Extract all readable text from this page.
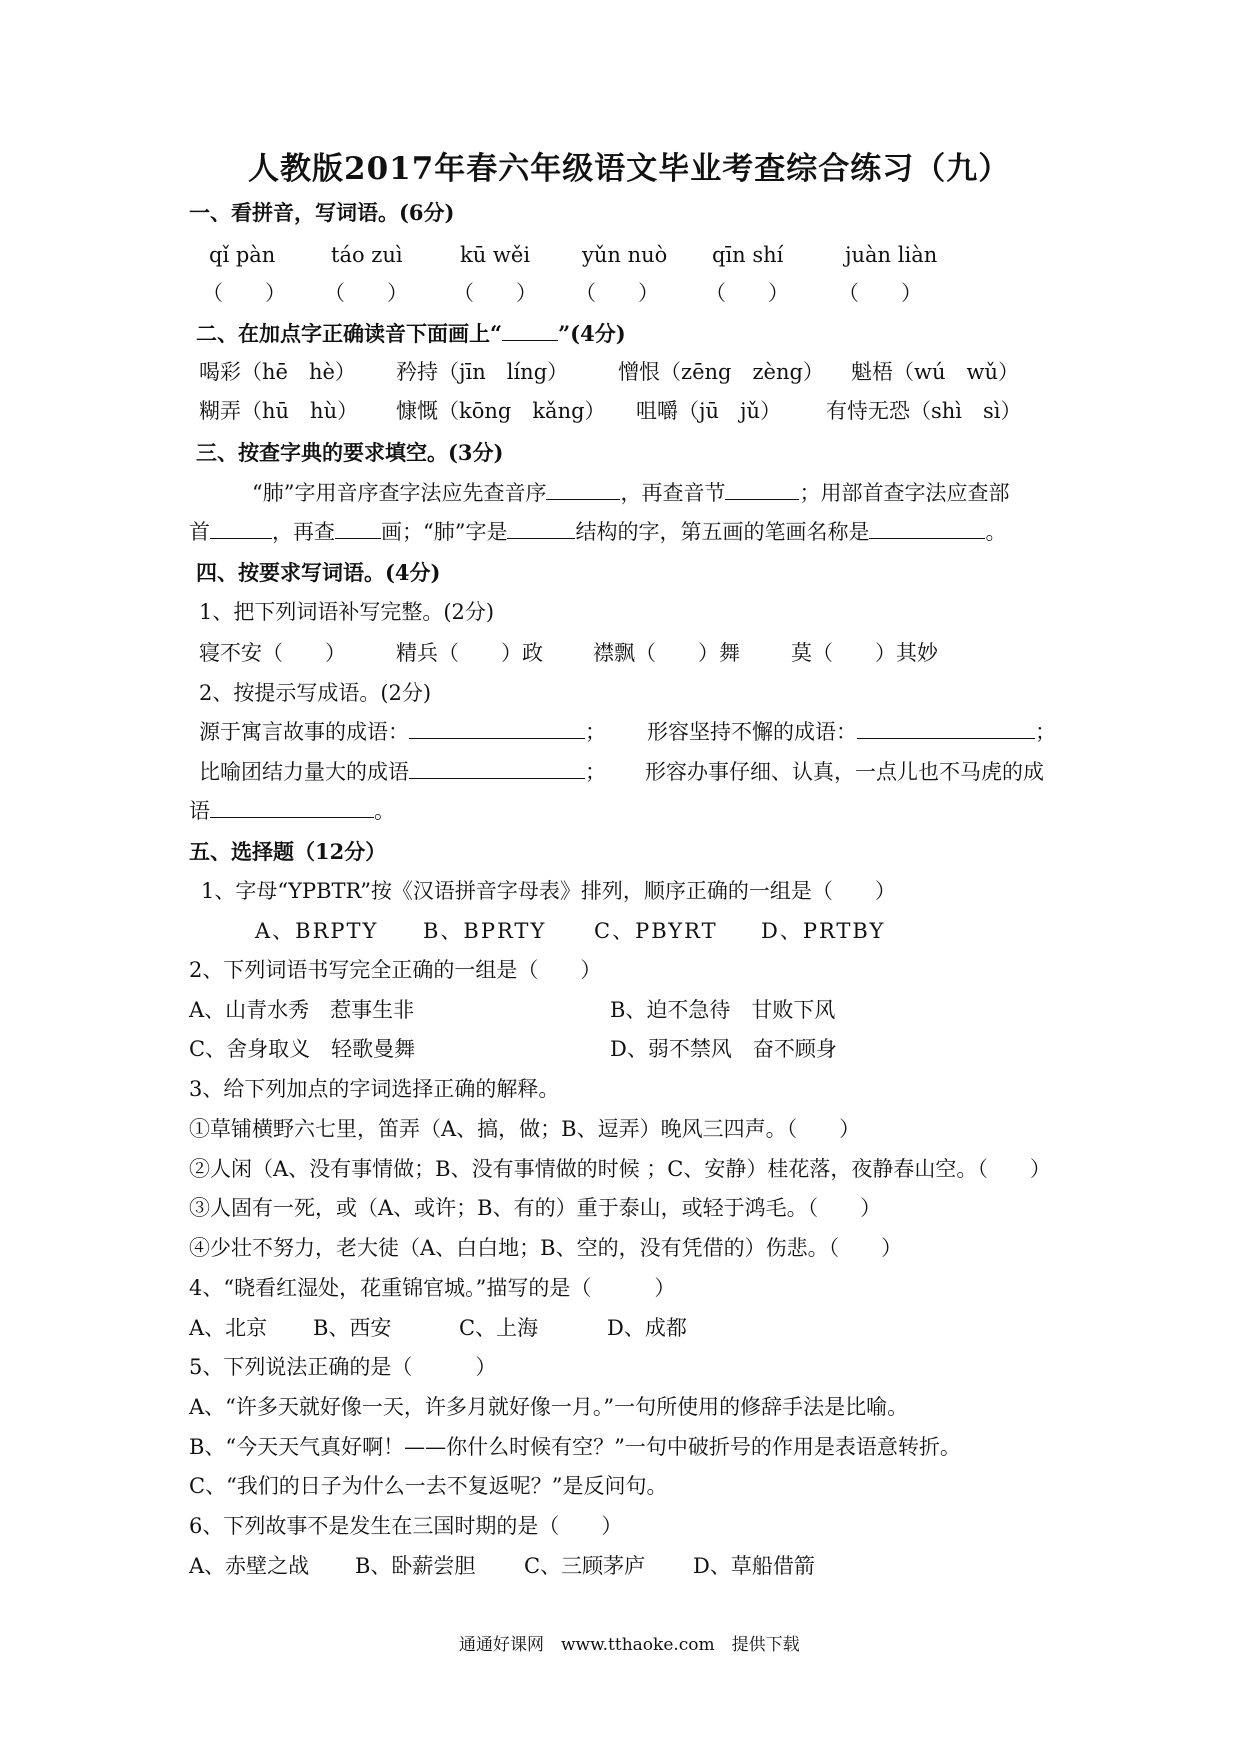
人教版2017年春六年级语文毕业考查综合练习（九）
一、看拼音，写词语。(6分)
qǐ pàn	táo zuì	kū wěi yǔn nuò qīn shí	juàn liàn
（　　） （　　） （　　） （　　） （　　） （　　）
二、在加点字正确读音下面画上“	”(4分)
喝彩（hē　hè） 矜持（jīn　líng） 憎恨（zēng　zèng） 魁梧（wú　wǔ）
糊弄（hū　hù） 慷慨（kōng　kǎng） 咀嚼（jū　jǔ） 有恃无恐（shì　sì）
三、按查字典的要求填空。(3分)
“肺”字用音序查字法应先查音序	，再查音节	；用部首查字法应查部
首	，再查 画；“肺”字是	结构的字，第五画的笔画名称是	。
四、按要求写词语。(4分)
1、把下列词语补写完整。(2分)
寝不安（　　） 精兵（　　）政 襟飘（　　）舞 莫（　　）其妙
2、按提示写成语。(2分)
源于寓言故事的成语：	； 形容坚持不懈的成语：	；
比喻团结力量大的成语	； 形容办事仔细、认真，一点儿也不马虎的成
语	。
五、选择题（12分）
1、字母“YPBTR”按《汉语拼音字母表》排列，顺序正确的一组是（　　）
A、BRPTY B、BPRTY C、PBYRT D、PRTBY
2、下列词语书写完全正确的一组是（　　）
A、山青水秀　惹事生非	B、迫不急待　甘败下风
C、舍身取义　轻歌曼舞	D、弱不禁风　奋不顾身
3、给下列加点的字词选择正确的解释。
①草铺横野六七里，笛弄（A、搞，做；B、逗弄）晚风三四声。（　　）
②人闲（A、没有事情做；B、没有事情做的时候 ；C、安静）桂花落，夜静春山空。（　　）
③人固有一死，或（A、或许；B、有的）重于泰山，或轻于鸿毛。（　　）
④少壮不努力，老大徒（A、白白地；B、空的，没有凭借的）伤悲。（　　）
4、“晓看红湿处，花重锦官城。”描写的是（　　　）
A、北京 B、西安	C、上海	D、成都
5、下列说法正确的是（　　　）
A、“许多天就好像一天，许多月就好像一月。”一句所使用的修辞手法是比喻。
B、“今天天气真好啊！——你什么时候有空？”一句中破折号的作用是表语意转折。
C、“我们的日子为什么一去不复返呢？”是反问句。
6、下列故事不是发生在三国时期的是（　　）
A、赤壁之战 B、卧薪尝胆 C、三顾茅庐 D、草船借箭
通通好课网　www.tthaoke.com　提供下载
